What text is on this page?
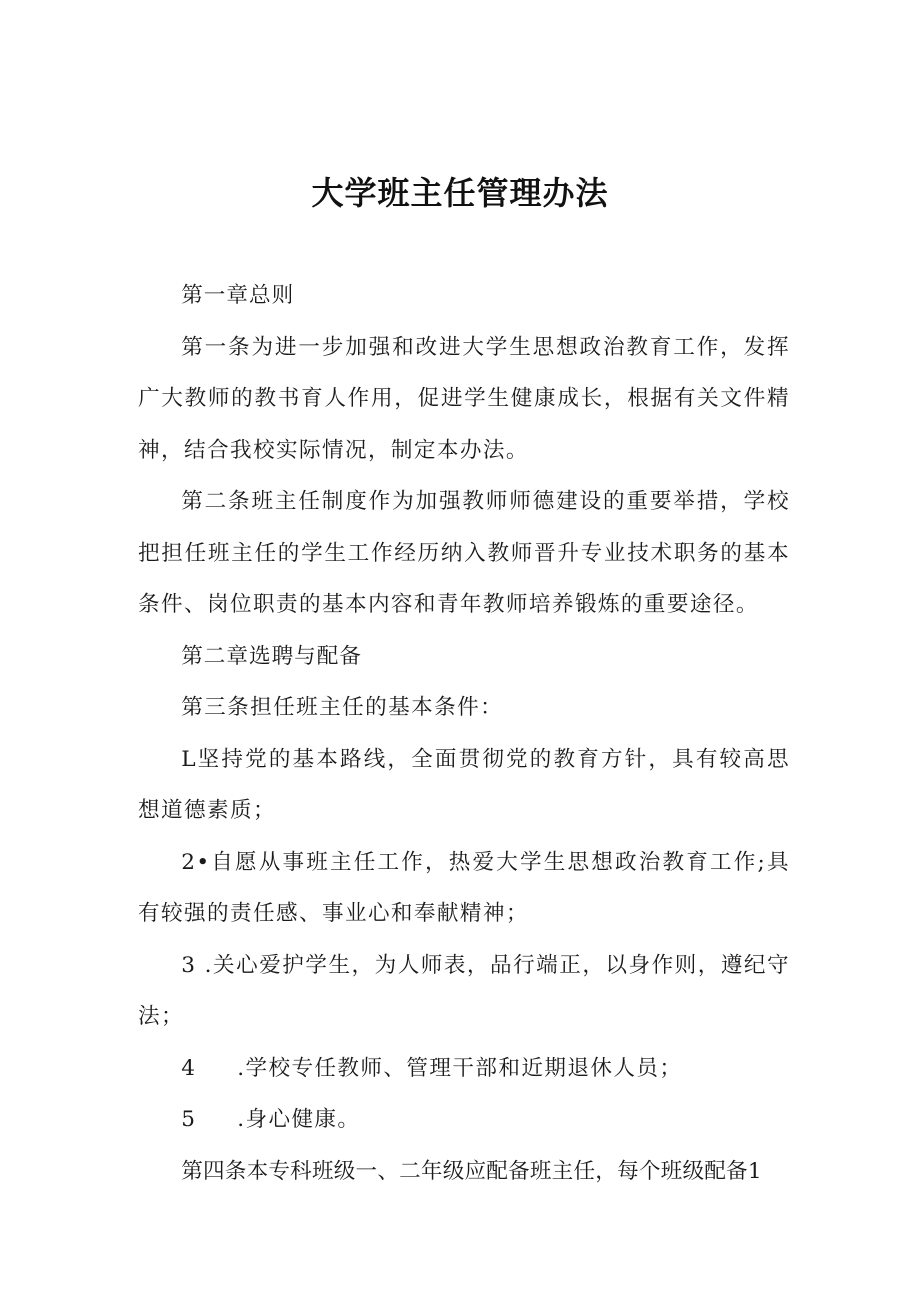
大学班主任管理办法

第一章总则

第一条为进一步加强和改进大学生思想政治教育工作，发挥广大教师的教书育人作用，促进学生健康成长，根据有关文件精神，结合我校实际情况，制定本办法。

第二条班主任制度作为加强教师师德建设的重要举措，学校把担任班主任的学生工作经历纳入教师晋升专业技术职务的基本条件、岗位职责的基本内容和青年教师培养锻炼的重要途径。

第二章选聘与配备

第三条担任班主任的基本条件：

L坚持党的基本路线，全面贯彻党的教育方针，具有较高思想道德素质；

2•自愿从事班主任工作，热爱大学生思想政治教育工作;具有较强的责任感、事业心和奉献精神；

3 .关心爱护学生，为人师表，品行端正，以身作则，遵纪守法；

4 .学校专任教师、管理干部和近期退休人员；

5 .身心健康。

第四条本专科班级一、二年级应配备班主任，每个班级配备1
